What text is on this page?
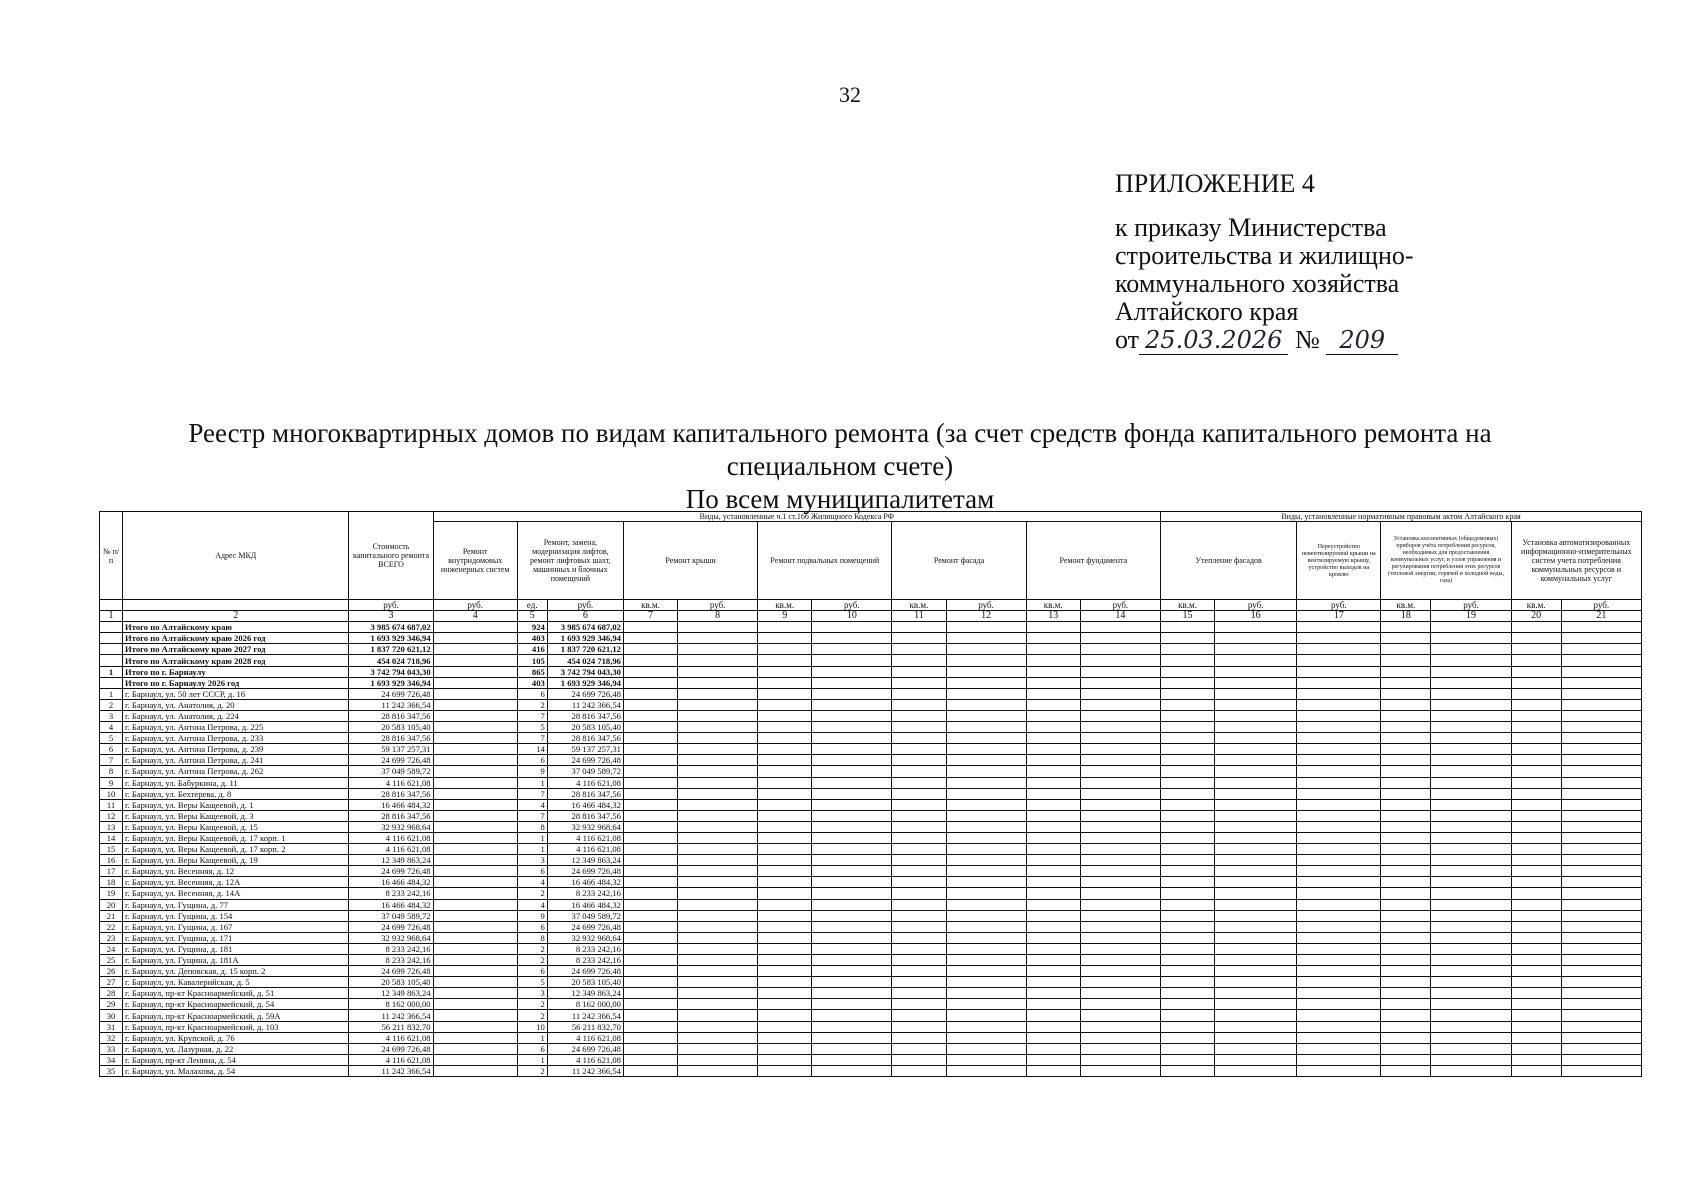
32
ПРИЛОЖЕНИЕ 4
к приказу Министерства
строительства и жилищно-
коммунального хозяйства
Алтайского края
от 25.03.2026 № 209
Реестр многоквартирных домов по видам капитального ремонта (за счет средств фонда капитального ремонта на
специальном счете)
По всем муниципалитетам
№ п/п	Адрес МКД	Стоимость капитального ремонта ВСЕГО	Виды, установленные ч.1 ст.166 Жилищного Кодекса РФ											Виды, установленные нормативным правовым актом Алтайского края						
			Ремонт внутридомовых инженерных систем	Ремонт, замена, модернизация лифтов, ремонт лифтовых шахт, машинных и блочных помещений		Ремонт крыши		Ремонт подвальных помещений		Ремонт фасада		Ремонт фундамента		Утепление фасадов		Переустройство невентилируемой крыши на вентилируемую крышу, устройство выходов на кровлю	Установка коллективных (общедомовых) приборов учёта потребления ресурсов, необходимых для предоставления коммунальных услуг, и узлов управления и регулирования потребления этих ресурсов (тепловой энергии, горячей и холодной воды, газа)		Установка автоматизированных информационно-измерительных систем учета потребления коммунальных ресурсов и коммунальных услуг	
		руб.	руб.	ед.	руб.	кв.м.	руб.	кв.м.	руб.	кв.м.	руб.	кв.м.	руб.	кв.м.	руб.	руб.	кв.м.	руб.	кв.м.	руб.
1	2	3	4	5	6	7	8	9	10	11	12	13	14	15	16	17	18	19	20	21
	Итого по Алтайскому краю	3 985 674 687,02		924	3 985 674 687,02															
	Итого по Алтайскому краю 2026 год	1 693 929 346,94		403	1 693 929 346,94															
	Итого по Алтайскому краю 2027 год	1 837 720 621,12		416	1 837 720 621,12															
	Итого по Алтайскому краю 2028 год	454 024 718,96		105	454 024 718,96															
1	Итого по г. Барнаулу	3 742 794 043,30		865	3 742 794 043,30															
	Итого по г. Барнаулу 2026 год	1 693 929 346,94		403	1 693 929 346,94															
1	г. Барнаул, ул. 50 лет СССР, д. 16	24 699 726,48		6	24 699 726,48															
2	г. Барнаул, ул. Анатолия, д. 20	11 242 366,54		2	11 242 366,54															
3	г. Барнаул, ул. Анатолия, д. 224	28 816 347,56		7	28 816 347,56															
4	г. Барнаул, ул. Антона Петрова, д. 225	20 583 105,40		5	20 583 105,40															
5	г. Барнаул, ул. Антона Петрова, д. 233	28 816 347,56		7	28 816 347,56															
6	г. Барнаул, ул. Антона Петрова, д. 239	59 137 257,31		14	59 137 257,31															
7	г. Барнаул, ул. Антона Петрова, д. 241	24 699 726,48		6	24 699 726,48															
8	г. Барнаул, ул. Антона Петрова, д. 262	37 049 589,72		9	37 049 589,72															
9	г. Барнаул, ул. Бабуркина, д. 11	4 116 621,08		1	4 116 621,08															
10	г. Барнаул, ул. Бехтерева, д. 8	28 816 347,56		7	28 816 347,56															
11	г. Барнаул, ул. Веры Кащеевой, д. 1	16 466 484,32		4	16 466 484,32															
12	г. Барнаул, ул. Веры Кащеевой, д. 3	28 816 347,56		7	28 816 347,56															
13	г. Барнаул, ул. Веры Кащеевой, д. 15	32 932 968,64		8	32 932 968,64															
14	г. Барнаул, ул. Веры Кащеевой, д. 17 корп. 1	4 116 621,08		1	4 116 621,08															
15	г. Барнаул, ул. Веры Кащеевой, д. 17 корп. 2	4 116 621,08		1	4 116 621,08															
16	г. Барнаул, ул. Веры Кащеевой, д. 19	12 349 863,24		3	12 349 863,24															
17	г. Барнаул, ул. Весенняя, д. 12	24 699 726,48		6	24 699 726,48															
18	г. Барнаул, ул. Весенняя, д. 12А	16 466 484,32		4	16 466 484,32															
19	г. Барнаул, ул. Весенняя, д. 14А	8 233 242,16		2	8 233 242,16															
20	г. Барнаул, ул. Гущина, д. 77	16 466 484,32		4	16 466 484,32															
21	г. Барнаул, ул. Гущина, д. 154	37 049 589,72		9	37 049 589,72															
22	г. Барнаул, ул. Гущина, д. 167	24 699 726,48		6	24 699 726,48															
23	г. Барнаул, ул. Гущина, д. 171	32 932 968,64		8	32 932 968,64															
24	г. Барнаул, ул. Гущина, д. 181	8 233 242,16		2	8 233 242,16															
25	г. Барнаул, ул. Гущина, д. 181А	8 233 242,16		2	8 233 242,16															
26	г. Барнаул, ул. Деповская, д. 15 корп. 2	24 699 726,48		6	24 699 726,48															
27	г. Барнаул, ул. Кавалерийская, д. 5	20 583 105,40		5	20 583 105,40															
28	г. Барнаул, пр-кт Красноармейский, д. 51	12 349 863,24		3	12 349 863,24															
29	г. Барнаул, пр-кт Красноармейский, д. 54	8 162 000,00		2	8 162 000,00															
30	г. Барнаул, пр-кт Красноармейский, д. 59А	11 242 366,54		2	11 242 366,54															
31	г. Барнаул, пр-кт Красноармейский, д. 103	56 211 832,70		10	56 211 832,70															
32	г. Барнаул, ул. Крупской, д. 76	4 116 621,08		1	4 116 621,08															
33	г. Барнаул, ул. Лазурная, д. 22	24 699 726,48		6	24 699 726,48															
34	г. Барнаул, пр-кт Ленина, д. 54	4 116 621,08		1	4 116 621,08															
35	г. Барнаул, ул. Малахова, д. 54	11 242 366,54		2	11 242 366,54															
